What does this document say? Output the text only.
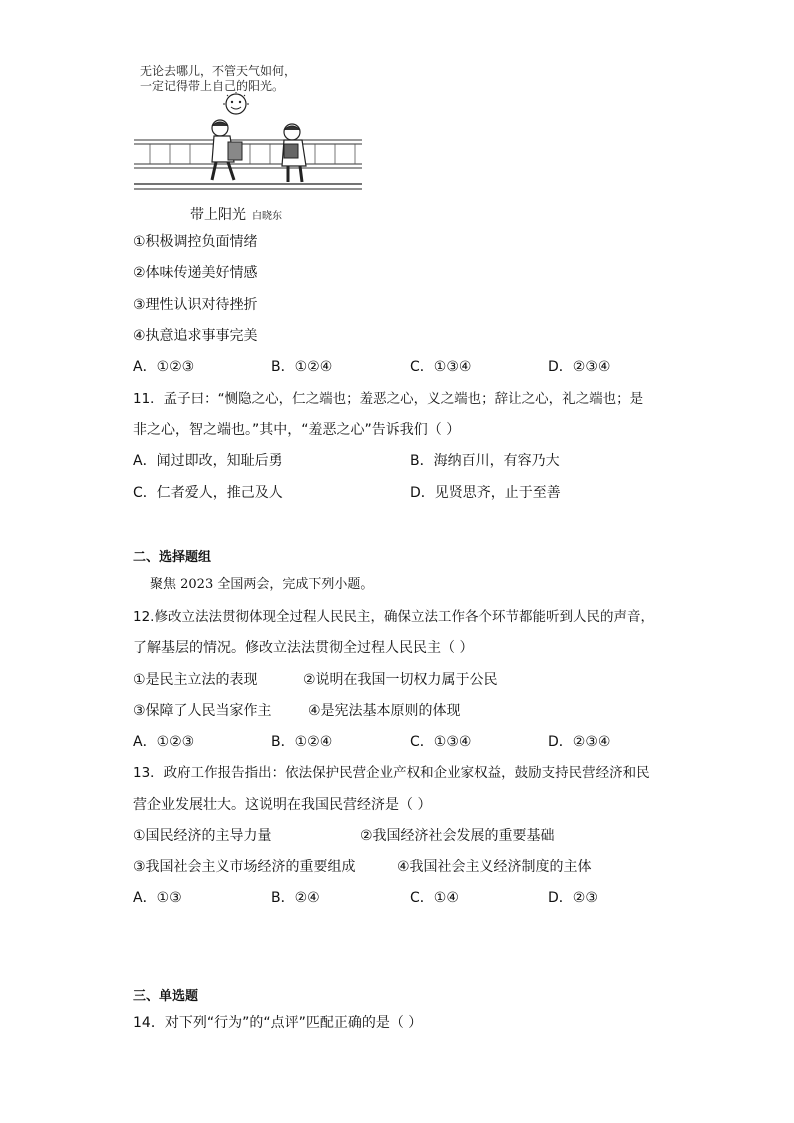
无论去哪儿，不管天气如何，
一定记得带上自己的阳光。
带上阳光 白晓东
①积极调控负面情绪
②体味传递美好情感
③理性认识对待挫折
④执意追求事事完美
A．①②③	B．①②④	C．①③④	D．②③④
11．孟子曰：“恻隐之心，仁之端也；羞恶之心，义之端也；辞让之心，礼之端也；是
非之心，智之端也。”其中，“羞恶之心”告诉我们（ ）
A．闻过即改，知耻后勇	B．海纳百川，有容乃大
C．仁者爱人，推己及人	D．见贤思齐，止于至善
二、选择题组
聚焦 2023 全国两会，完成下列小题。
12.修改立法法贯彻体现全过程人民民主，确保立法工作各个环节都能听到人民的声音，
了解基层的情况。修改立法法贯彻全过程人民民主（ ）
①是民主立法的表现	②说明在我国一切权力属于公民
③保障了人民当家作主	④是宪法基本原则的体现
A．①②③	B．①②④	C．①③④	D．②③④
13．政府工作报告指出：依法保护民营企业产权和企业家权益，鼓励支持民营经济和民
营企业发展壮大。这说明在我国民营经济是（ ）
①国民经济的主导力量	②我国经济社会发展的重要基础
③我国社会主义市场经济的重要组成	④我国社会主义经济制度的主体
A．①③	B．②④	C．①④	D．②③
三、单选题
14．对下列“行为”的“点评”匹配正确的是（ ）
